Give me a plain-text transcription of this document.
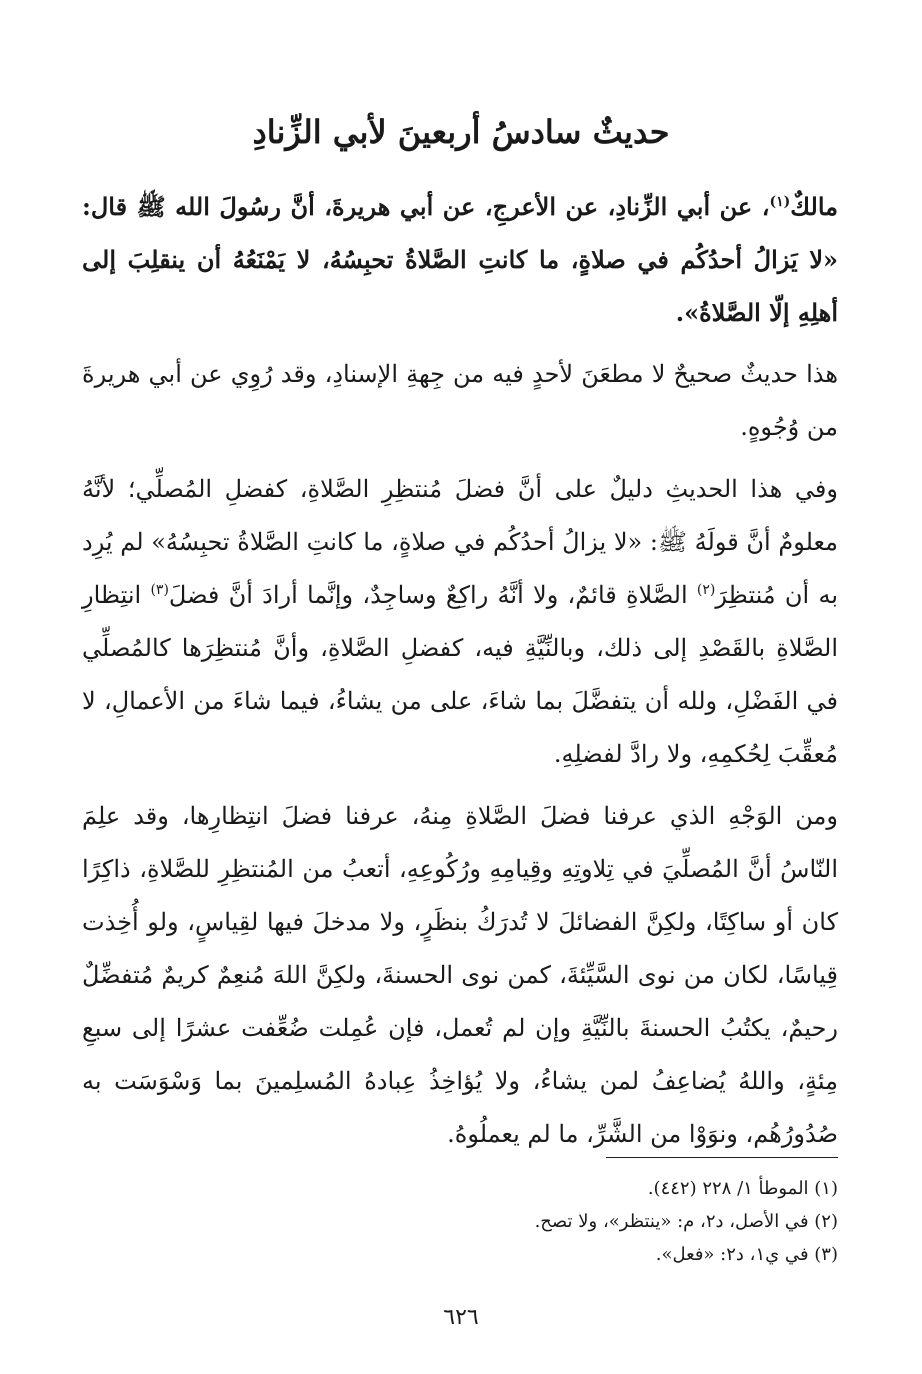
حديثٌ سادسُ أربعينَ لأبي الزِّنادِ

مالكٌ$^{(١)}$، عن أبي الزِّنادِ، عن الأعرجِ، عن أبي هريرةَ، أنَّ رسُولَ الله ﷺ قال: «لا يَزالُ أحدُكُم في صلاةٍ، ما كانتِ الصَّلاةُ تحبِسُهُ، لا يَمْنَعُهُ أن ينقلِبَ إلى أهلِهِ إلّا الصَّلاةُ».

هذا حديثٌ صحيحٌ لا مطعَنَ لأحدٍ فيه من جِهةِ الإسنادِ، وقد رُوِي عن أبي هريرةَ من وُجُوهٍ.

وفي هذا الحديثِ دليلٌ على أنَّ فضلَ مُنتظِرِ الصَّلاةِ، كفضلِ المُصلِّي؛ لأنَّهُ معلومٌ أنَّ قولَهُ ﷺ: «لا يزالُ أحدُكُم في صلاةٍ، ما كانتِ الصَّلاةُ تحبِسُهُ» لم يُرِد به أن مُنتظِرَ$^{(٢)}$ الصَّلاةِ قائمٌ، ولا أنَّهُ راكِعٌ وساجِدٌ، وإنَّما أرادَ أنَّ فضلَ$^{(٣)}$ انتِظارِ الصَّلاةِ بالقَصْدِ إلى ذلك، وبالنِّيَّةِ فيه، كفضلِ الصَّلاةِ، وأنَّ مُنتظِرَها كالمُصلِّي في الفَضْلِ، ولله أن يتفضَّلَ بما شاءَ، على من يشاءُ، فيما شاءَ من الأعمالِ، لا مُعقِّبَ لِحُكمِهِ، ولا رادَّ لفضلِهِ.

ومن الوَجْهِ الذي عرفنا فضلَ الصَّلاةِ مِنهُ، عرفنا فضلَ انتِظارِها، وقد علِمَ النّاسُ أنَّ المُصلِّيَ في تِلاوتِهِ وقِيامِهِ ورُكُوعِهِ، أتعبُ من المُنتظِرِ للصَّلاةِ، ذاكِرًا كان أو ساكِتًا، ولكِنَّ الفضائلَ لا تُدرَكُ بنظَرٍ، ولا مدخلَ فيها لقِياسٍ، ولو أُخِذت قِياسًا، لكان من نوى السَّيِّئةَ، كمن نوى الحسنةَ، ولكِنَّ اللهَ مُنعِمٌ كريمٌ مُتفضِّلٌ رحيمٌ، يكتُبُ الحسنةَ بالنِّيَّةِ وإن لم تُعمل، فإن عُمِلت ضُعِّفت عشرًا إلى سبعِ مِئةٍ، واللهُ يُضاعِفُ لمن يشاءُ، ولا يُؤاخِذُ عِبادهُ المُسلِمينَ بما وَسْوَسَت به صُدُورُهُم، ونوَوْا من الشَّرِّ، ما لم يعملُوهُ.

(١) الموطأ ١/ ٢٢٨ (٤٤٢).

(٢) في الأصل، د٢، م: «ينتظر»، ولا تصح.

(٣) في ي١، د٢: «فعل».

٦٢٦
